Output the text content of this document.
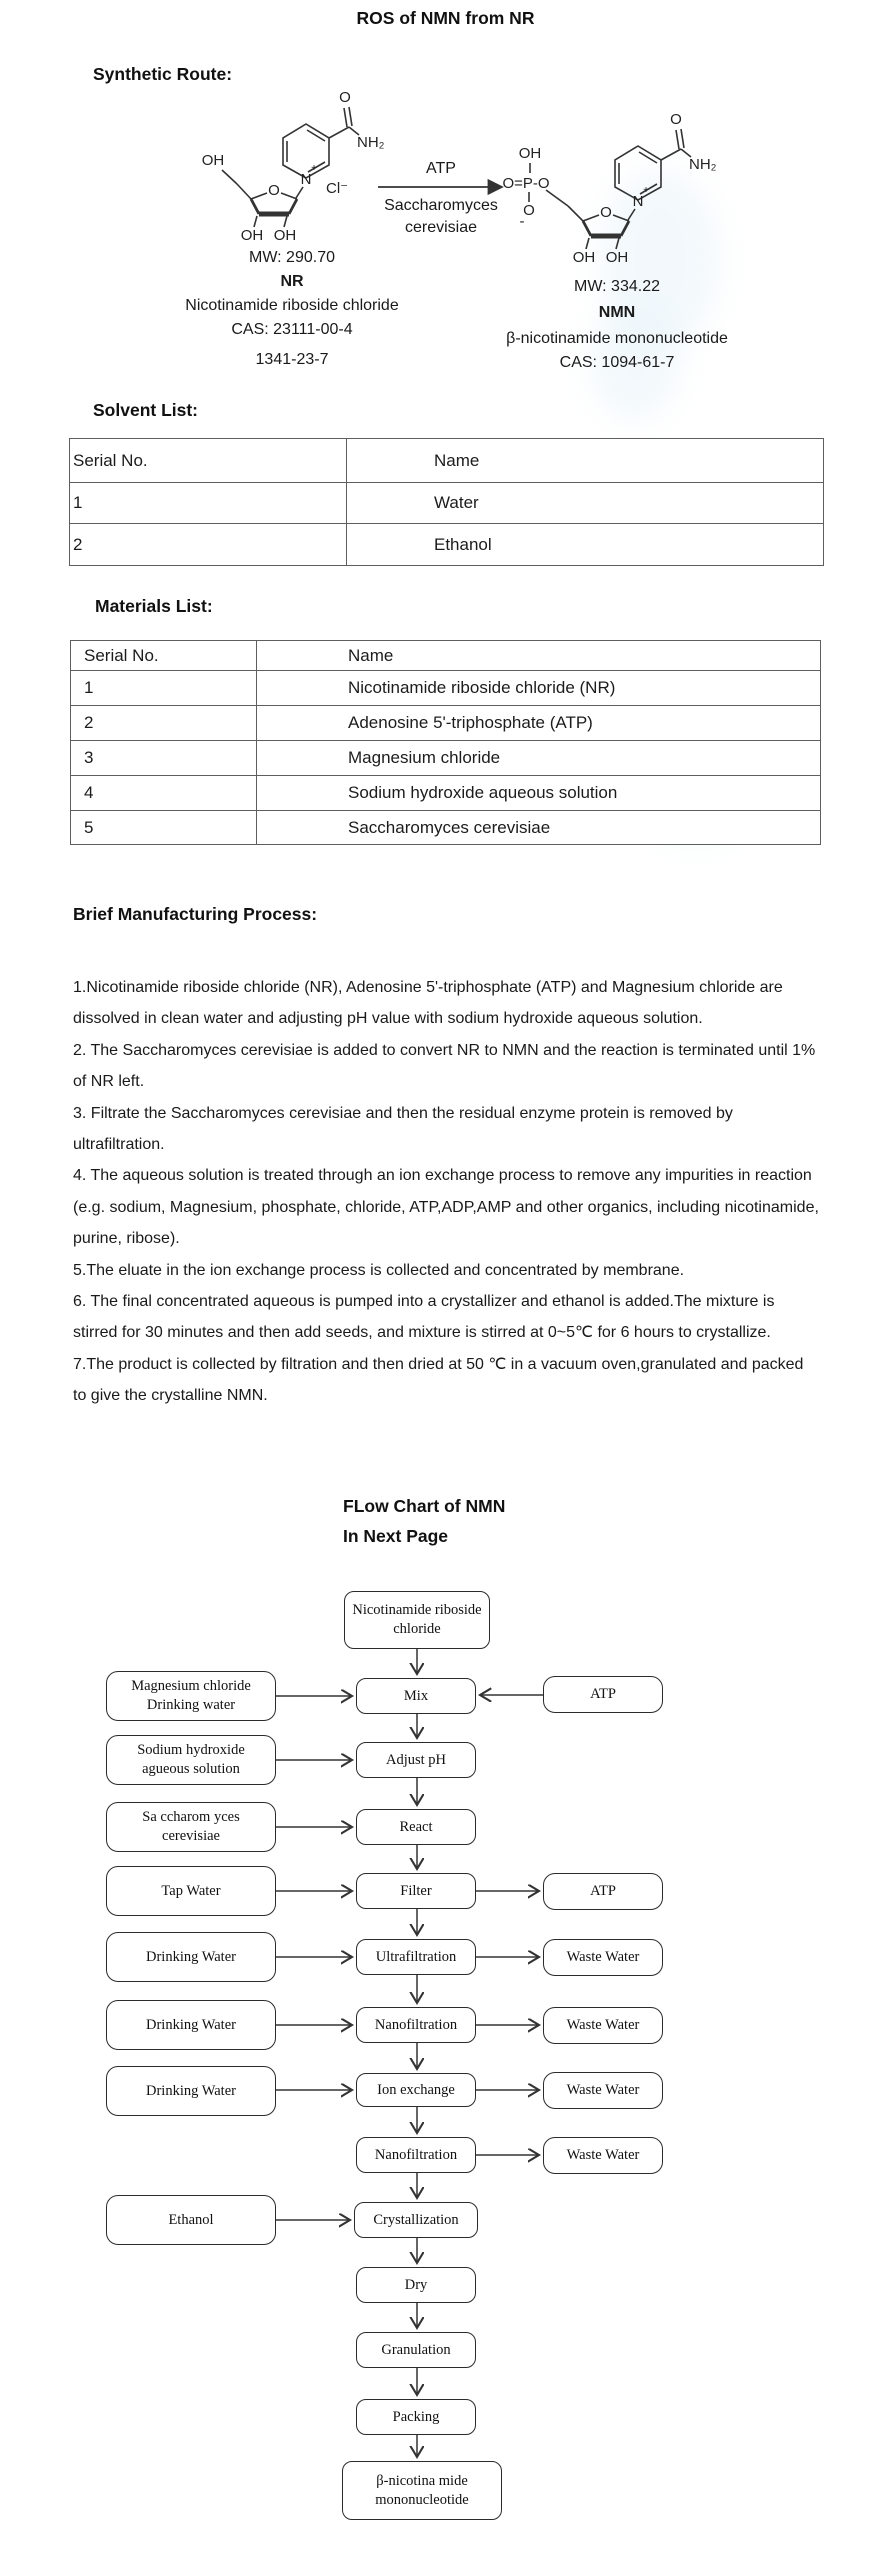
ROS of NMN from NR
Synthetic Route:
Solvent List:
Materials List:
Brief Manufacturing Process:
OH
O
NH₂
N
+
Cl⁻
O
OH OH
OH
O=P-O
O
-
O
NH₂
N
+
O
OH OH
ATP
Saccharomyces
cerevisiae
MW: 290.70
NR
Nicotinamide riboside chloride
CAS: 23111-00-4
1341-23-7
MW: 334.22
NMN
β-nicotinamide mononucleotide
CAS: 1094-61-7
Serial No.	Name
1	Water
2	Ethanol
Serial No.	Name
1	Nicotinamide riboside chloride (NR)
2	Adenosine 5'-triphosphate (ATP)
3	Magnesium chloride
4	Sodium hydroxide aqueous solution
5	Saccharomyces cerevisiae

1.Nicotinamide riboside chloride (NR), Adenosine 5'-triphosphate (ATP) and Magnesium chloride are dissolved in clean water and adjusting pH value with sodium hydroxide aqueous solution.

2. The Saccharomyces cerevisiae is added to convert NR to NMN and the reaction is terminated until 1% of NR left.

3. Filtrate the Saccharomyces cerevisiae and then the residual enzyme protein is removed by ultrafiltration.

4. The aqueous solution is treated through an ion exchange process to remove any impurities in reaction (e.g. sodium, Magnesium, phosphate, chloride, ATP,ADP,AMP and other organics, including nicotinamide, purine, ribose).

5.The eluate in the ion exchange process is collected and concentrated by membrane.

6. The final concentrated aqueous is pumped into a crystallizer and ethanol is added.The mixture is stirred for 30 minutes and then add seeds, and mixture is stirred at 0~5℃ for 6 hours to crystallize.

7.The product is collected by filtration and then dried at 50 ℃ in a vacuum oven,granulated and packed to give the crystalline NMN.

FLow Chart of NMN
In Next Page
Nicotinamide riboside chloride
Mix
Adjust pH
React
Filter
Ultrafiltration
Nanofiltration
Ion exchange
Nanofiltration
Crystallization
Dry
Granulation
Packing
β-nicotina mide mononucleotide
Magnesium chloride Drinking water
Sodium hydroxide agueous solution
Sa ccharom yces cerevisiae
Tap Water
Drinking Water
Drinking Water
Drinking Water
Ethanol
ATP
ATP
Waste Water
Waste Water
Waste Water
Waste Water
